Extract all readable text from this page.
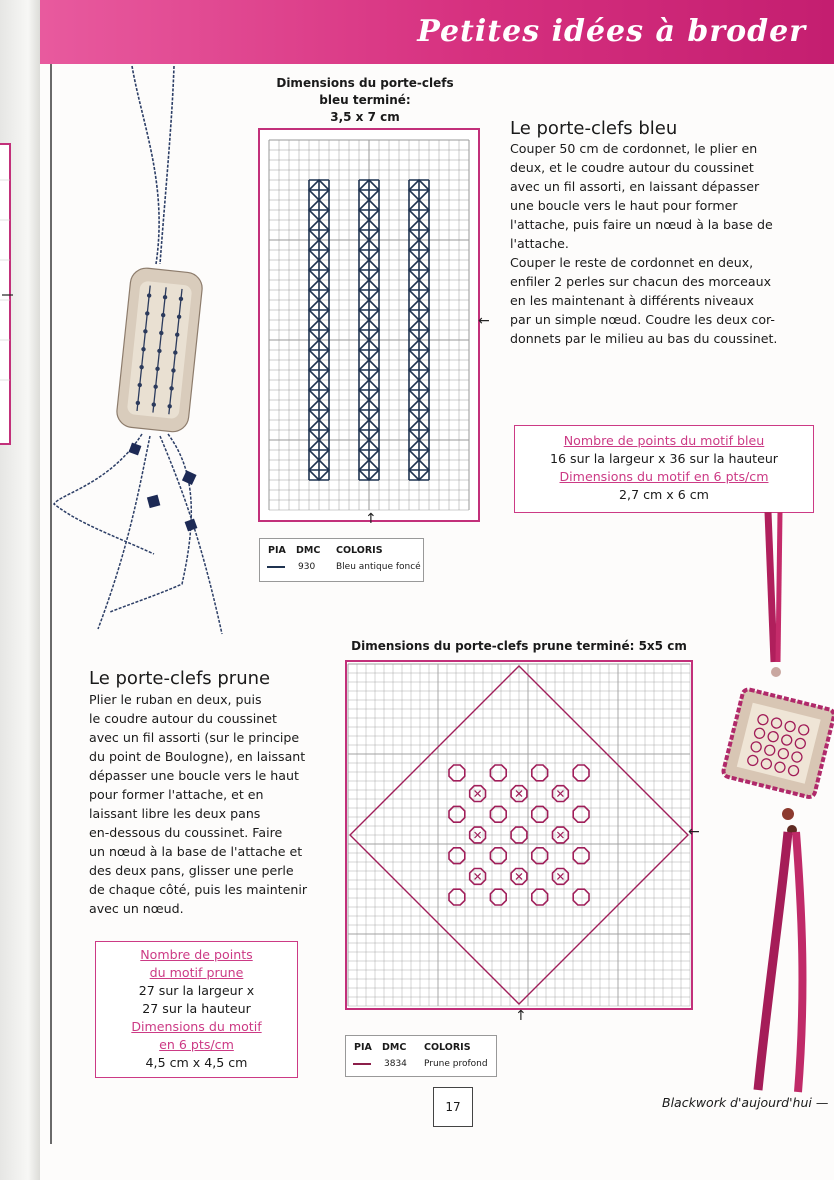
Petites idées à broder
Dimensions du porte-clefs
bleu terminé:
3,5 x 7 cm
←
↑
Le porte-clefs bleu
Couper 50 cm de cordonnet, le plier en
deux, et le coudre autour du coussinet
avec un fil assorti, en laissant dépasser
une boucle vers le haut pour former
l'attache, puis faire un nœud à la base de
l'attache.
Couper le reste de cordonnet en deux,
enfiler 2 perles sur chacun des morceaux
en les maintenant à différents niveaux
par un simple nœud. Coudre les deux cor-
donnets par le milieu au bas du coussinet.
Nombre de points du motif bleu
16 sur la largeur x 36 sur la hauteur
Dimensions du motif en 6 pts/cm
2,7 cm x 6 cm
PIA DMC COLORIS
930 Bleu antique foncé
Dimensions du porte-clefs prune terminé: 5x5 cm
←
↑
Le porte-clefs prune
Plier le ruban en deux, puis
le coudre autour du coussinet
avec un fil assorti (sur le principe
du point de Boulogne), en laissant
dépasser une boucle vers le haut
pour former l'attache, et en
laissant libre les deux pans
en-dessous du coussinet. Faire
un nœud à la base de l'attache et
des deux pans, glisser une perle
de chaque côté, puis les maintenir
avec un nœud.
Nombre de points
du motif prune
27 sur la largeur x
27 sur la hauteur
Dimensions du motif
en 6 pts/cm
4,5 cm x 4,5 cm
PIA DMC COLORIS
3834 Prune profond
17	Blackwork d'aujourd'hui —
